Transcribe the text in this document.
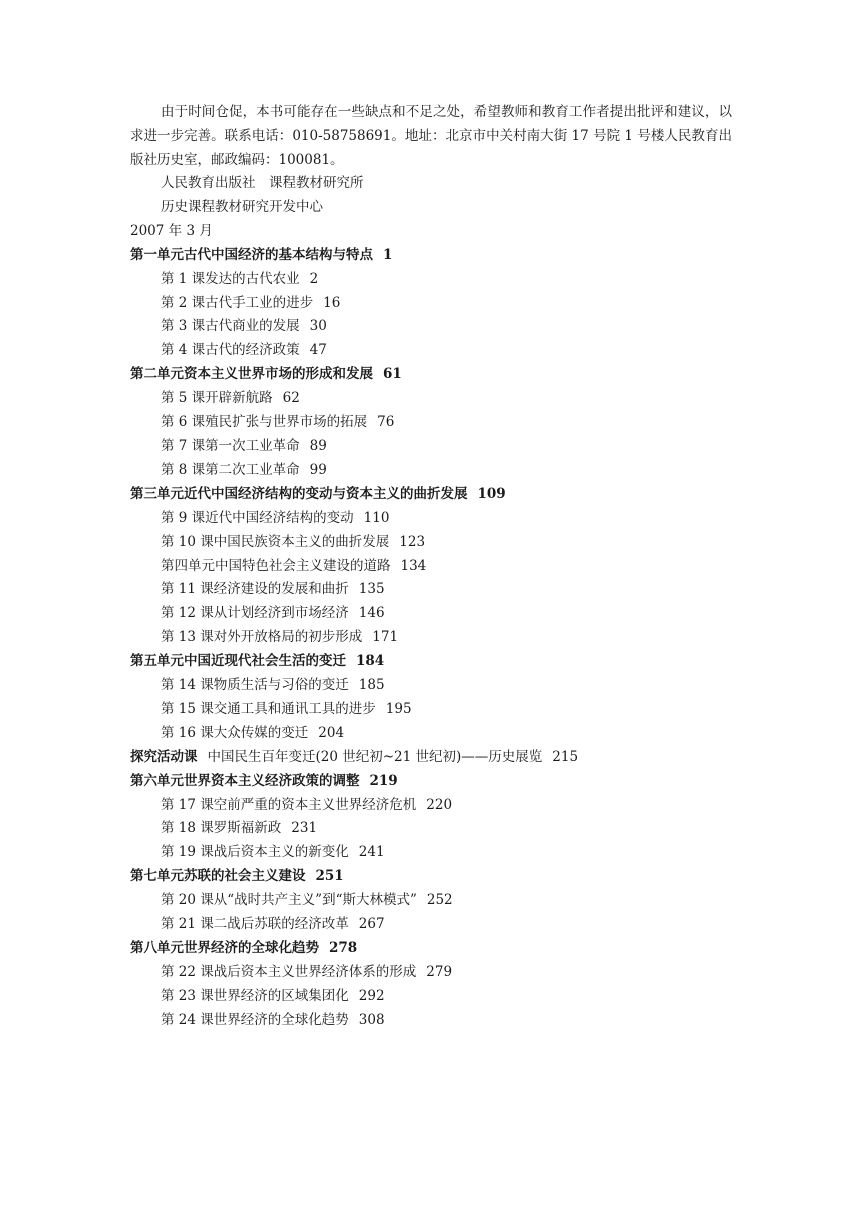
由于时间仓促，本书可能存在一些缺点和不足之处，希望教师和教育工作者提出批评和建议，以求进一步完善。联系电话：010-58758691。地址：北京市中关村南大街 17 号院 1 号楼人民教育出版社历史室，邮政编码：100081。

人民教育出版社　课程教材研究所
历史课程教材研究开发中心
2007 年 3 月
第一单元古代中国经济的基本结构与特点 1
第 1 课发达的古代农业 2
第 2 课古代手工业的进步 16
第 3 课古代商业的发展 30
第 4 课古代的经济政策 47
第二单元资本主义世界市场的形成和发展 61
第 5 课开辟新航路 62
第 6 课殖民扩张与世界市场的拓展 76
第 7 课第一次工业革命 89
第 8 课第二次工业革命 99
第三单元近代中国经济结构的变动与资本主义的曲折发展 109
第 9 课近代中国经济结构的变动 110
第 10 课中国民族资本主义的曲折发展 123
第四单元中国特色社会主义建设的道路 134
第 11 课经济建设的发展和曲折 135
第 12 课从计划经济到市场经济 146
第 13 课对外开放格局的初步形成 171
第五单元中国近现代社会生活的变迁 184
第 14 课物质生活与习俗的变迁 185
第 15 课交通工具和通讯工具的进步 195
第 16 课大众传媒的变迁 204
探究活动课 中国民生百年变迁(20 世纪初~21 世纪初)——历史展览 215
第六单元世界资本主义经济政策的调整 219
第 17 课空前严重的资本主义世界经济危机 220
第 18 课罗斯福新政 231
第 19 课战后资本主义的新变化 241
第七单元苏联的社会主义建设 251
第 20 课从“战时共产主义”到“斯大林模式” 252
第 21 课二战后苏联的经济改革 267
第八单元世界经济的全球化趋势 278
第 22 课战后资本主义世界经济体系的形成 279
第 23 课世界经济的区域集团化 292
第 24 课世界经济的全球化趋势 308
